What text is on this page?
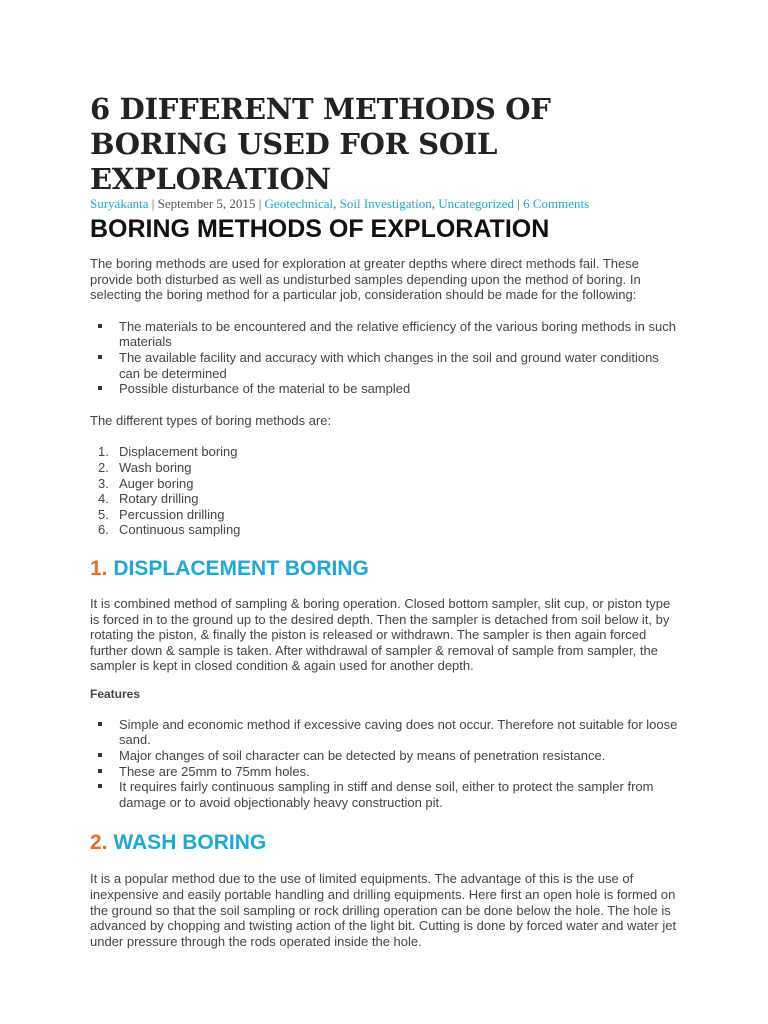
6 DIFFERENT METHODS OF BORING USED FOR SOIL EXPLORATION
Suryakanta | September 5, 2015 | Geotechnical, Soil Investigation, Uncategorized | 6 Comments
BORING METHODS OF EXPLORATION

The boring methods are used for exploration at greater depths where direct methods fail. These provide both disturbed as well as undisturbed samples depending upon the method of boring. In selecting the boring method for a particular job, consideration should be made for the following:

The materials to be encountered and the relative efficiency of the various boring methods in such materials
The available facility and accuracy with which changes in the soil and ground water conditions can be determined
Possible disturbance of the material to be sampled

The different types of boring methods are:

1. Displacement boring
2. Wash boring
3. Auger boring
4. Rotary drilling
5. Percussion drilling
6. Continuous sampling
1. DISPLACEMENT BORING

It is combined method of sampling & boring operation. Closed bottom sampler, slit cup, or piston type is forced in to the ground up to the desired depth. Then the sampler is detached from soil below it, by rotating the piston, & finally the piston is released or withdrawn. The sampler is then again forced further down & sample is taken. After withdrawal of sampler & removal of sample from sampler, the sampler is kept in closed condition & again used for another depth.

Features

Simple and economic method if excessive caving does not occur. Therefore not suitable for loose sand.
Major changes of soil character can be detected by means of penetration resistance.
These are 25mm to 75mm holes.
It requires fairly continuous sampling in stiff and dense soil, either to protect the sampler from damage or to avoid objectionably heavy construction pit.
2. WASH BORING

It is a popular method due to the use of limited equipments. The advantage of this is the use of inexpensive and easily portable handling and drilling equipments. Here first an open hole is formed on the ground so that the soil sampling or rock drilling operation can be done below the hole. The hole is advanced by chopping and twisting action of the light bit. Cutting is done by forced water and water jet under pressure through the rods operated inside the hole.
